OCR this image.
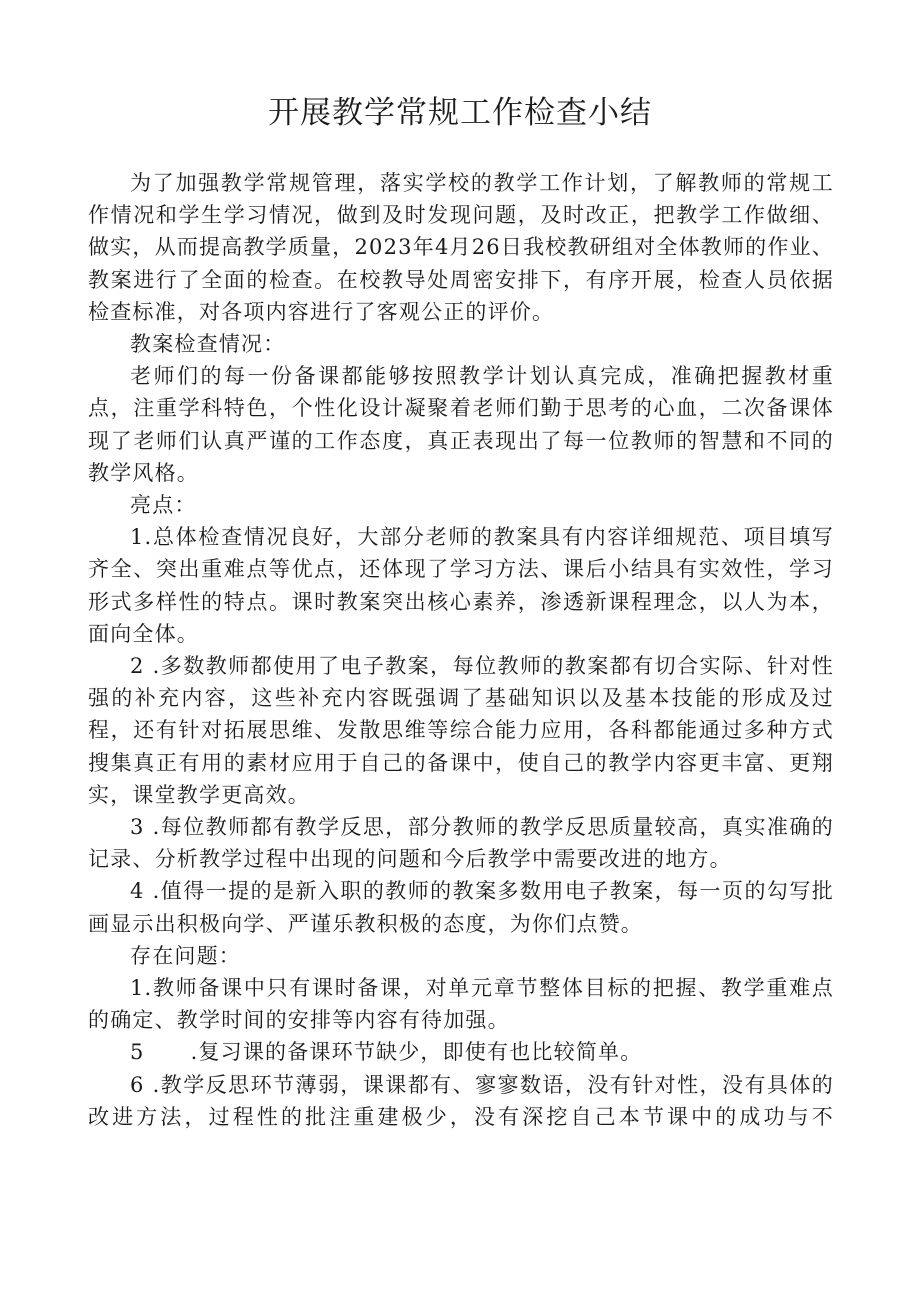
开展教学常规工作检查小结

为了加强教学常规管理，落实学校的教学工作计划，了解教师的常规工作情况和学生学习情况，做到及时发现问题，及时改正，把教学工作做细、做实，从而提高教学质量，2023年4月26日我校教研组对全体教师的作业、教案进行了全面的检查。在校教导处周密安排下，有序开展，检查人员依据检查标准，对各项内容进行了客观公正的评价。

教案检查情况：

老师们的每一份备课都能够按照教学计划认真完成，准确把握教材重点，注重学科特色，个性化设计凝聚着老师们勤于思考的心血，二次备课体现了老师们认真严谨的工作态度，真正表现出了每一位教师的智慧和不同的教学风格。

亮点：

1.总体检查情况良好，大部分老师的教案具有内容详细规范、项目填写齐全、突出重难点等优点，还体现了学习方法、课后小结具有实效性，学习形式多样性的特点。课时教案突出核心素养，渗透新课程理念，以人为本，面向全体。

2 .多数教师都使用了电子教案，每位教师的教案都有切合实际、针对性强的补充内容，这些补充内容既强调了基础知识以及基本技能的形成及过程，还有针对拓展思维、发散思维等综合能力应用，各科都能通过多种方式搜集真正有用的素材应用于自己的备课中，使自己的教学内容更丰富、更翔实，课堂教学更高效。

3 .每位教师都有教学反思，部分教师的教学反思质量较高，真实准确的记录、分析教学过程中出现的问题和今后教学中需要改进的地方。

4 .值得一提的是新入职的教师的教案多数用电子教案，每一页的勾写批画显示出积极向学、严谨乐教积极的态度，为你们点赞。

存在问题：

1.教师备课中只有课时备课，对单元章节整体目标的把握、教学重难点的确定、教学时间的安排等内容有待加强。

5 .复习课的备课环节缺少，即使有也比较简单。

6 .教学反思环节薄弱，课课都有、寥寥数语，没有针对性，没有具体的改进方法，过程性的批注重建极少，没有深挖自己本节课中的成功与不
